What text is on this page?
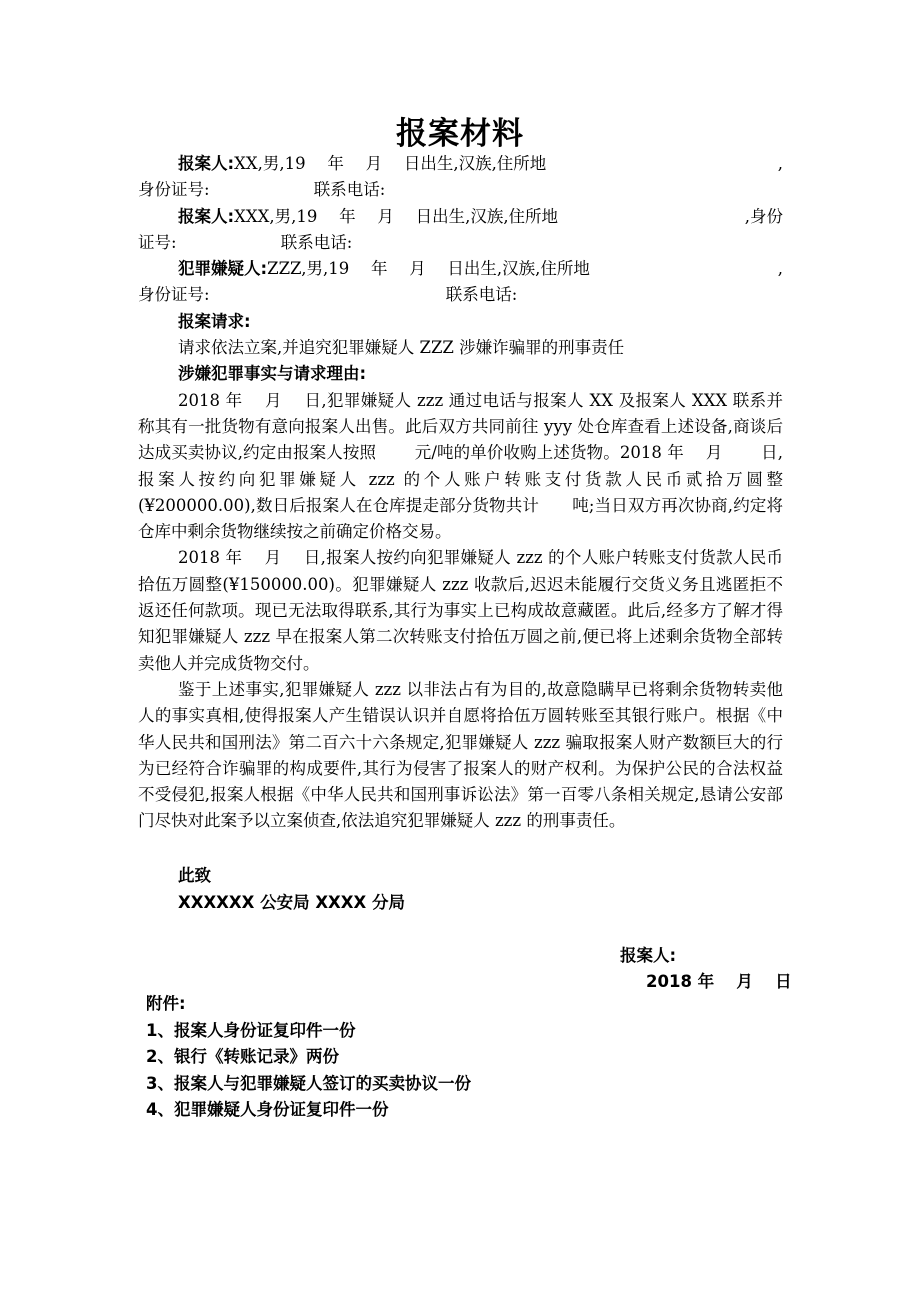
报案材料

报案人:XX,男,19　 年　 月　 日出生,汉族,住所地	,

身份证号:　　　　　　 联系电话:

报案人:XXX,男,19　 年　 月　 日出生,汉族,住所地	,身份

证号:　　　　　　 联系电话:

犯罪嫌疑人:ZZZ,男,19　 年　 月　 日出生,汉族,住所地	,

身份证号:　　　　　　　　　　　　　　 联系电话:

报案请求:

请求依法立案,并追究犯罪嫌疑人 ZZZ 涉嫌诈骗罪的刑事责任

涉嫌犯罪事实与请求理由:

2018 年　 月　 日,犯罪嫌疑人 zzz 通过电话与报案人 XX 及报案人 XXX 联系并称其有一批货物有意向报案人出售。此后双方共同前往 yyy 处仓库查看上述设备,商谈后达成买卖协议,约定由报案人按照　　 元/吨的单价收购上述货物。2018 年　 月　　 日,报案人按约向犯罪嫌疑人 zzz 的个人账户转账支付货款人民币贰拾万圆整(¥200000.00),数日后报案人在仓库提走部分货物共计　　吨;当日双方再次协商,约定将仓库中剩余货物继续按之前确定价格交易。

2018 年　 月　 日,报案人按约向犯罪嫌疑人 zzz 的个人账户转账支付货款人民币拾伍万圆整(¥150000.00)。犯罪嫌疑人 zzz 收款后,迟迟未能履行交货义务且逃匿拒不返还任何款项。现已无法取得联系,其行为事实上已构成故意藏匿。此后,经多方了解才得知犯罪嫌疑人 zzz 早在报案人第二次转账支付拾伍万圆之前,便已将上述剩余货物全部转卖他人并完成货物交付。

鉴于上述事实,犯罪嫌疑人 zzz 以非法占有为目的,故意隐瞒早已将剩余货物转卖他人的事实真相,使得报案人产生错误认识并自愿将拾伍万圆转账至其银行账户。根据《中华人民共和国刑法》第二百六十六条规定,犯罪嫌疑人 zzz 骗取报案人财产数额巨大的行为已经符合诈骗罪的构成要件,其行为侵害了报案人的财产权利。为保护公民的合法权益不受侵犯,报案人根据《中华人民共和国刑事诉讼法》第一百零八条相关规定,恳请公安部门尽快对此案予以立案侦查,依法追究犯罪嫌疑人 zzz 的刑事责任。

此致
XXXXXX 公安局 XXXX 分局
报案人:
2018 年　 月　 日
附件:
1、报案人身份证复印件一份
2、银行《转账记录》两份
3、报案人与犯罪嫌疑人签订的买卖协议一份
4、犯罪嫌疑人身份证复印件一份
